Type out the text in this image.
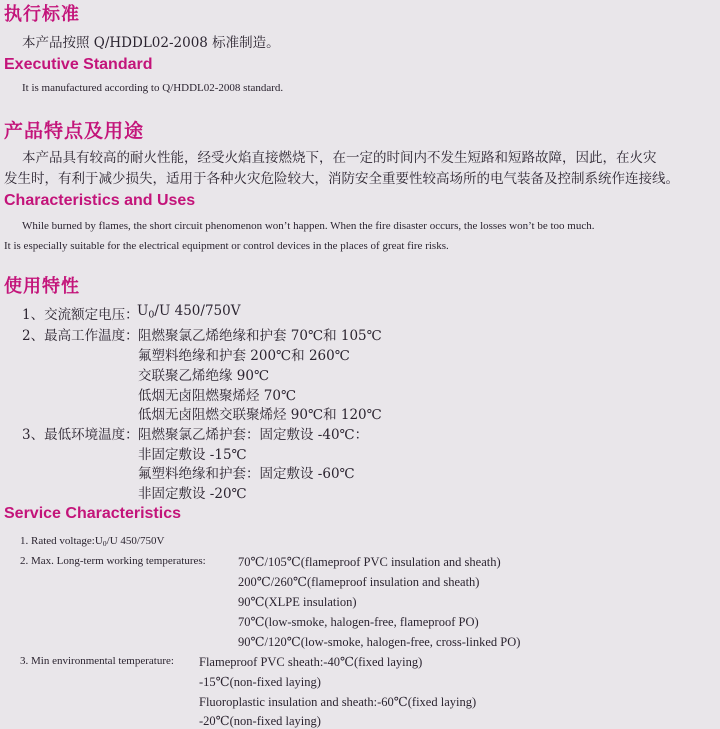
执行标准
本产品按照 Q/HDDL02-2008 标准制造。
Executive Standard
It is manufactured according to Q/HDDL02-2008 standard.
产品特点及用途
本产品具有较高的耐火性能，经受火焰直接燃烧下，在一定的时间内不发生短路和短路故障，因此，在火灾
发生时，有利于减少损失，适用于各种火灾危险较大，消防安全重要性较高场所的电气装备及控制系统作连接线。
Characteristics and Uses
While burned by flames, the short circuit phenomenon won’t happen. When the fire disaster occurs, the losses won’t be too much.
It is especially suitable for the electrical equipment or control devices in the places of great fire risks.
使用特性
1、交流额定电压：
$U_0/U$ 450/750V
2、最高工作温度： 阻燃聚氯乙烯绝缘和护套 70℃和 105℃
氟塑料绝缘和护套 200℃和 260℃
交联聚乙烯绝缘 90℃
低烟无卤阻燃聚烯烃 70℃
低烟无卤阻燃交联聚烯烃 90℃和 120℃
3、最低环境温度： 阻燃聚氯乙烯护套：固定敷设 -40℃：
非固定敷设 -15℃
氟塑料绝缘和护套：固定敷设 -60℃
非固定敷设 -20℃
Service Characteristics
1. Rated $voltage:U_0/U$ 450/750V
2. Max. Long-term working temperatures:	70℃/105℃(flameproof PVC insulation and sheath)
200℃/260℃(flameproof insulation and sheath)
90℃(XLPE insulation)
70℃(low-smoke, halogen-free, flameproof PO)
90℃/120℃(low-smoke, halogen-free, cross-linked PO)
3. Min environmental temperature: Flameproof PVC sheath:-40℃(fixed laying)
-15℃(non-fixed laying)
Fluoroplastic insulation and sheath:-60℃(fixed laying)
-20℃(non-fixed laying)
